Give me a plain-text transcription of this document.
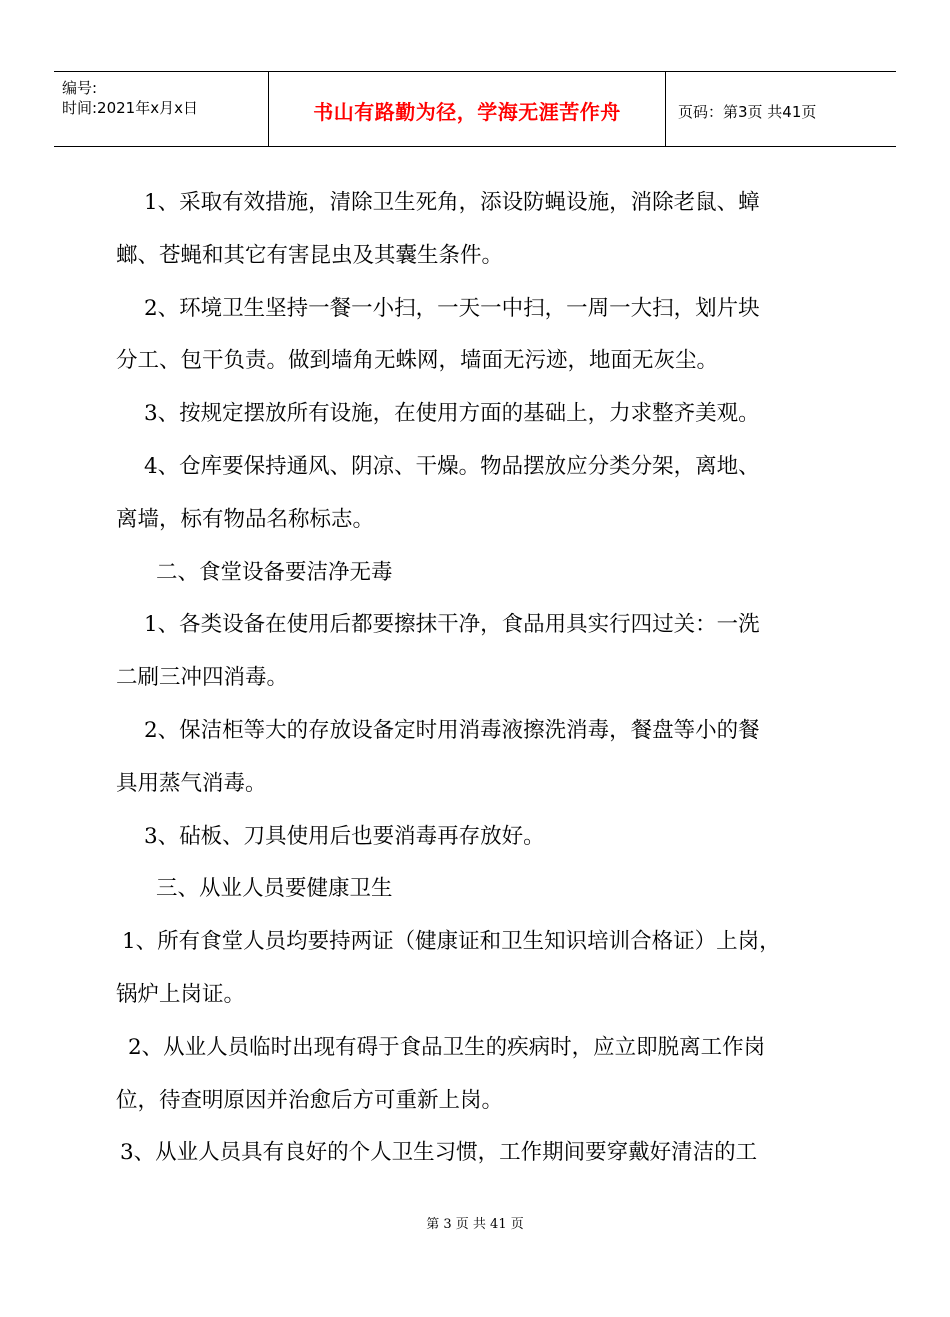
编号:
时间:2021年x月x日	书山有路勤为径，学海无涯苦作舟	页码：第3页 共41页

1、采取有效措施，清除卫生死角，添设防蝇设施，消除老鼠、蟑

螂、苍蝇和其它有害昆虫及其囊生条件。

2、环境卫生坚持一餐一小扫，一天一中扫，一周一大扫，划片块

分工、包干负责。做到墙角无蛛网，墙面无污迹，地面无灰尘。

3、按规定摆放所有设施，在使用方面的基础上，力求整齐美观。

4、仓库要保持通风、阴凉、干燥。物品摆放应分类分架，离地、

离墙，标有物品名称标志。

二、食堂设备要洁净无毒

1、各类设备在使用后都要擦抹干净，食品用具实行四过关：一洗

二刷三冲四消毒。

2、保洁柜等大的存放设备定时用消毒液擦洗消毒，餐盘等小的餐

具用蒸气消毒。

3、砧板、刀具使用后也要消毒再存放好。

三、从业人员要健康卫生

1、所有食堂人员均要持两证（健康证和卫生知识培训合格证）上岗，

锅炉上岗证。

2、从业人员临时出现有碍于食品卫生的疾病时，应立即脱离工作岗

位，待查明原因并治愈后方可重新上岗。

3、从业人员具有良好的个人卫生习惯，工作期间要穿戴好清洁的工

第 3 页 共 41 页
